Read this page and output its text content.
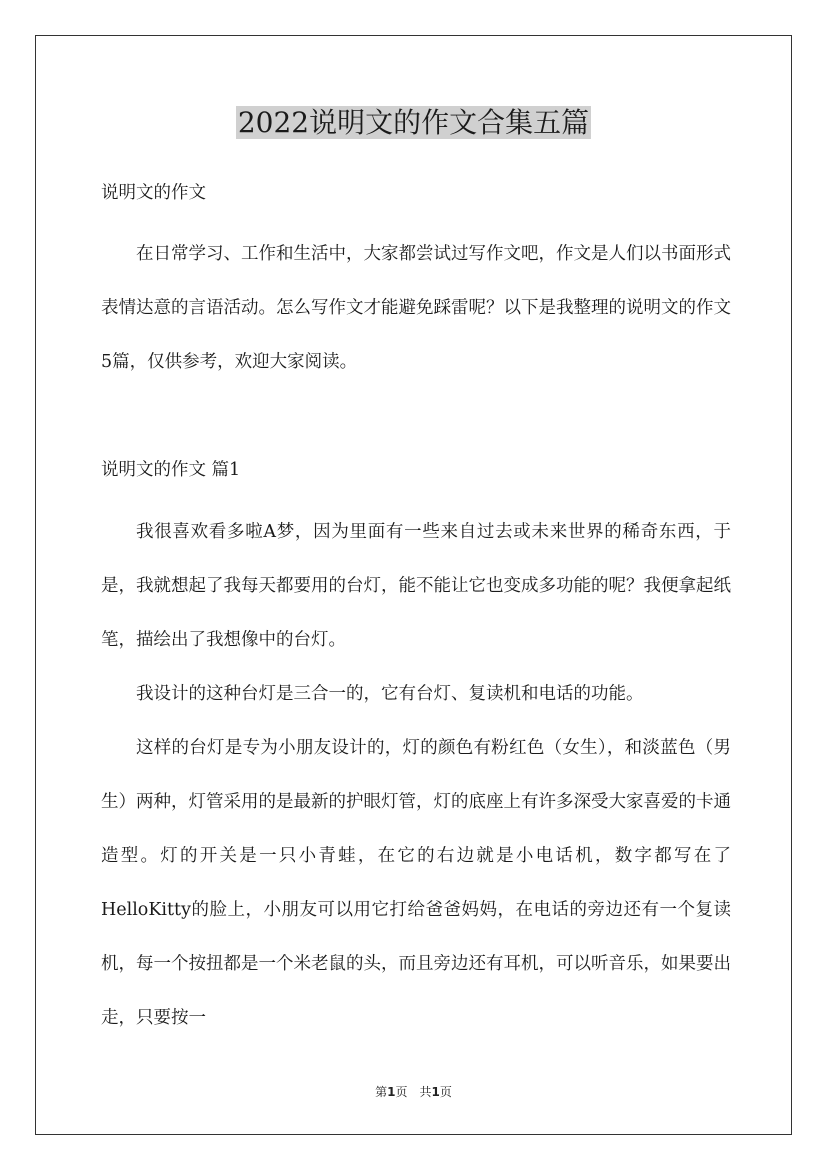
2022说明文的作文合集五篇

说明文的作文

在日常学习、工作和生活中，大家都尝试过写作文吧，作文是人们以书面形式表情达意的言语活动。怎么写作文才能避免踩雷呢？以下是我整理的说明文的作文5篇，仅供参考，欢迎大家阅读。

说明文的作文 篇1

我很喜欢看多啦A梦，因为里面有一些来自过去或未来世界的稀奇东西，于是，我就想起了我每天都要用的台灯，能不能让它也变成多功能的呢？我便拿起纸笔，描绘出了我想像中的台灯。

我设计的这种台灯是三合一的，它有台灯、复读机和电话的功能。

这样的台灯是专为小朋友设计的，灯的颜色有粉红色（女生），和淡蓝色（男生）两种，灯管采用的是最新的护眼灯管，灯的底座上有许多深受大家喜爱的卡通造型。灯的开关是一只小青蛙，在它的右边就是小电话机，数字都写在了HelloKitty的脸上，小朋友可以用它打给爸爸妈妈，在电话的旁边还有一个复读机，每一个按扭都是一个米老鼠的头，而且旁边还有耳机，可以听音乐，如果要出走，只要按一

第1页　共1页
